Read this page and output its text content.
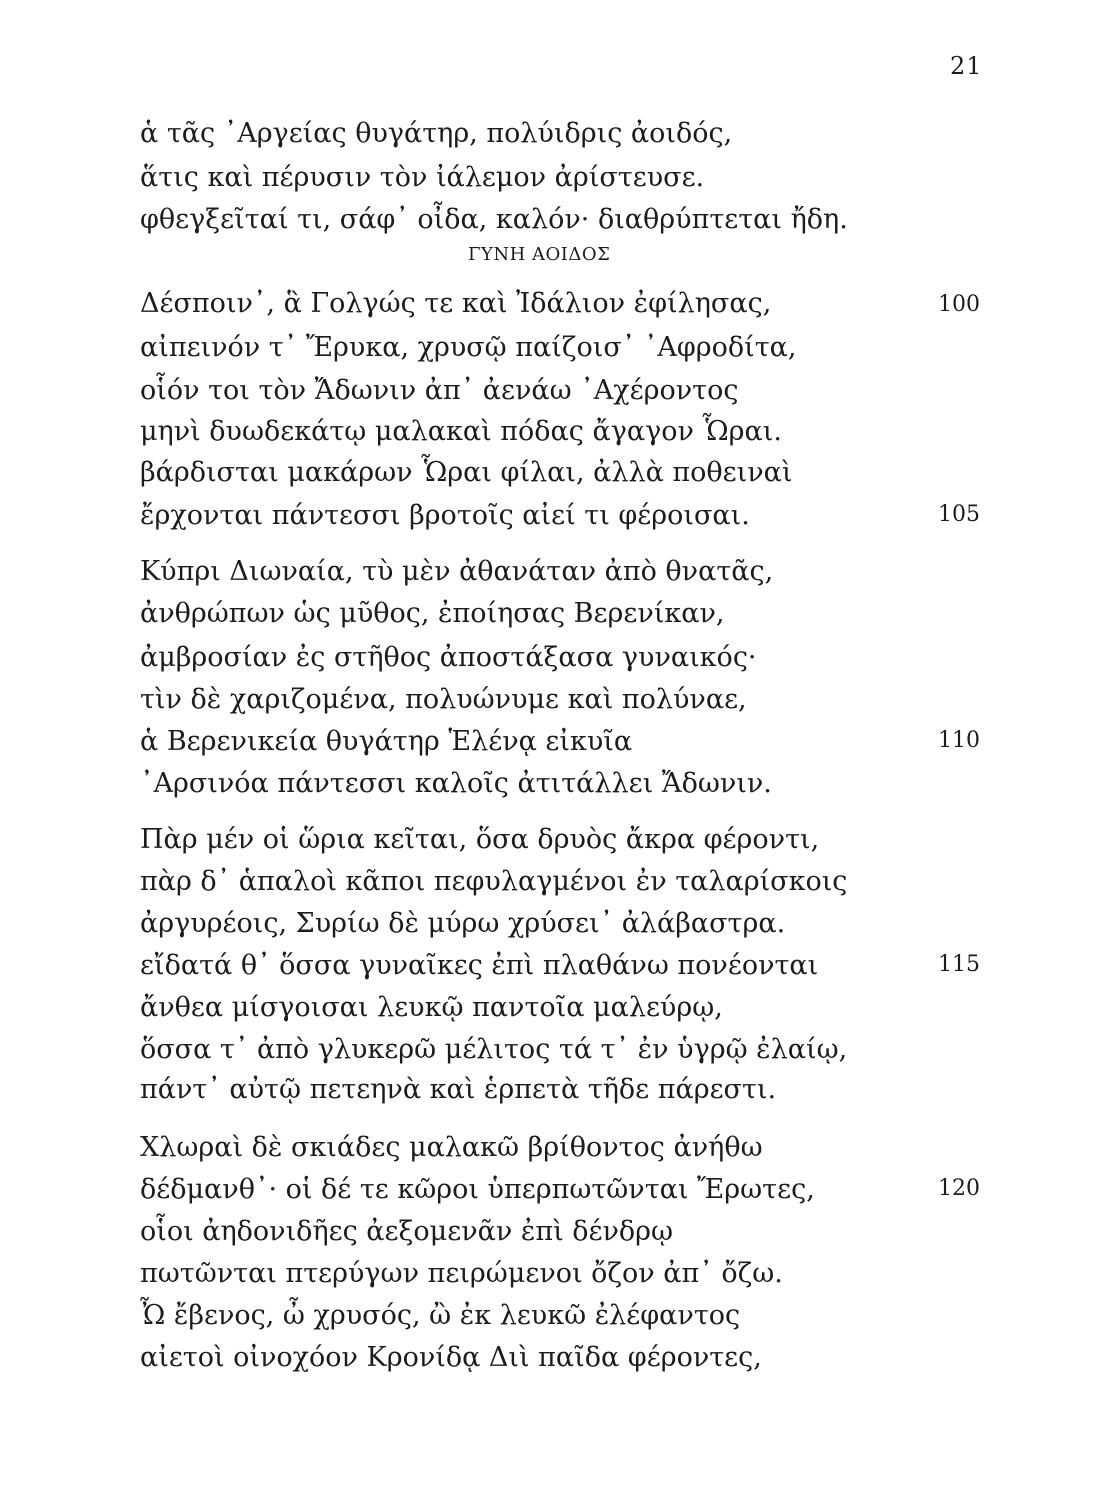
21
ἁ τᾶς ᾿Αργείας θυγάτηρ, πολύιδρις ἀοιδός,
ἅτις καὶ πέρυσιν τὸν ἰάλεμον ἀρίστευσε.
φθεγξεῖταί τι, σάφ᾽ οἶδα, καλόν· διαθρύπτεται ἤδη.
ΓΥΝΗ ΑΟΙΔΟΣ
Δέσποιν᾽, ἃ Γολγώς τε καὶ Ἰδάλιον ἐφίλησας,
αἰπεινόν τ᾽ Ἔρυκα, χρυσῷ παίζοισ᾽ ᾿Αφροδίτα,
οἷόν τοι τὸν Ἄδωνιν ἀπ᾽ ἀενάω ᾿Αχέροντος
μηνὶ δυωδεκάτῳ μαλακαὶ πόδας ἄγαγον Ὧραι.
βάρδισται μακάρων Ὧραι φίλαι, ἀλλὰ ποθειναὶ
ἔρχονται πάντεσσι βροτοῖς αἰεί τι φέροισαι.
Κύπρι Διωναία, τὺ μὲν ἀθανάταν ἀπὸ θνατᾶς,
ἀνθρώπων ὡς μῦθος, ἐποίησας Βερενίκαν,
ἀμβροσίαν ἐς στῆθος ἀποστάξασα γυναικός·
τὶν δὲ χαριζομένα, πολυώνυμε καὶ πολύναε,
ἁ Βερενικεία θυγάτηρ Ἑλένᾳ εἰκυῖα
᾿Αρσινόα πάντεσσι καλοῖς ἀτιτάλλει Ἄδωνιν.
Πὰρ μέν οἱ ὥρια κεῖται, ὅσα δρυὸς ἄκρα φέροντι,
πὰρ δ᾽ ἁπαλοὶ κᾶποι πεφυλαγμένοι ἐν ταλαρίσκοις
ἀργυρέοις, Συρίω δὲ μύρω χρύσει᾽ ἀλάβαστρα.
εἴδατά θ᾽ ὅσσα γυναῖκες ἐπὶ πλαθάνω πονέονται
ἄνθεα μίσγοισαι λευκῷ παντοῖα μαλεύρῳ,
ὅσσα τ᾽ ἀπὸ γλυκερῶ μέλιτος τά τ᾽ ἐν ὑγρῷ ἐλαίῳ,
πάντ᾽ αὐτῷ πετεηνὰ καὶ ἑρπετὰ τῆδε πάρεστι.
Χλωραὶ δὲ σκιάδες μαλακῶ βρίθοντος ἀνήθω
δέδμανθ᾽· οἱ δέ τε κῶροι ὑπερπωτῶνται Ἔρωτες,
οἷοι ἀηδονιδῆες ἀεξομενᾶν ἐπὶ δένδρῳ
πωτῶνται πτερύγων πειρώμενοι ὄζον ἀπ᾽ ὄζω.
Ὦ ἔβενος, ὦ χρυσός, ὢ ἐκ λευκῶ ἐλέφαντος
αἰετοὶ οἰνοχόον Κρονίδᾳ Διὶ παῖδα φέροντες,
100
105
110
115
120
